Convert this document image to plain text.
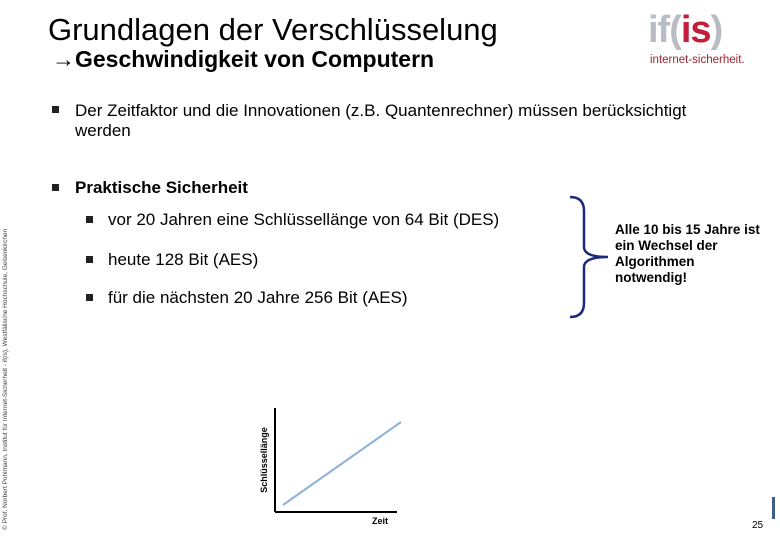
Grundlagen der Verschlüsselung
→Geschwindigkeit von Computern
if(is)
internet-sicherheit.
© Prof. Norbert Pohlmann, Institut für Internet-Sicherheit - if(is), Westfälische Hochschule, Gelsenkirchen
Der Zeitfaktor und die Innovationen (z.B. Quantenrechner) müssen berücksichtigt werden
Praktische Sicherheit
vor 20 Jahren eine Schlüssellänge von 64 Bit (DES)
heute 128 Bit (AES)
für die nächsten 20 Jahre 256 Bit (AES)
Alle 10 bis 15 Jahre ist ein Wechsel der Algorithmen notwendig!
Schlüssellänge
Zeit	25
